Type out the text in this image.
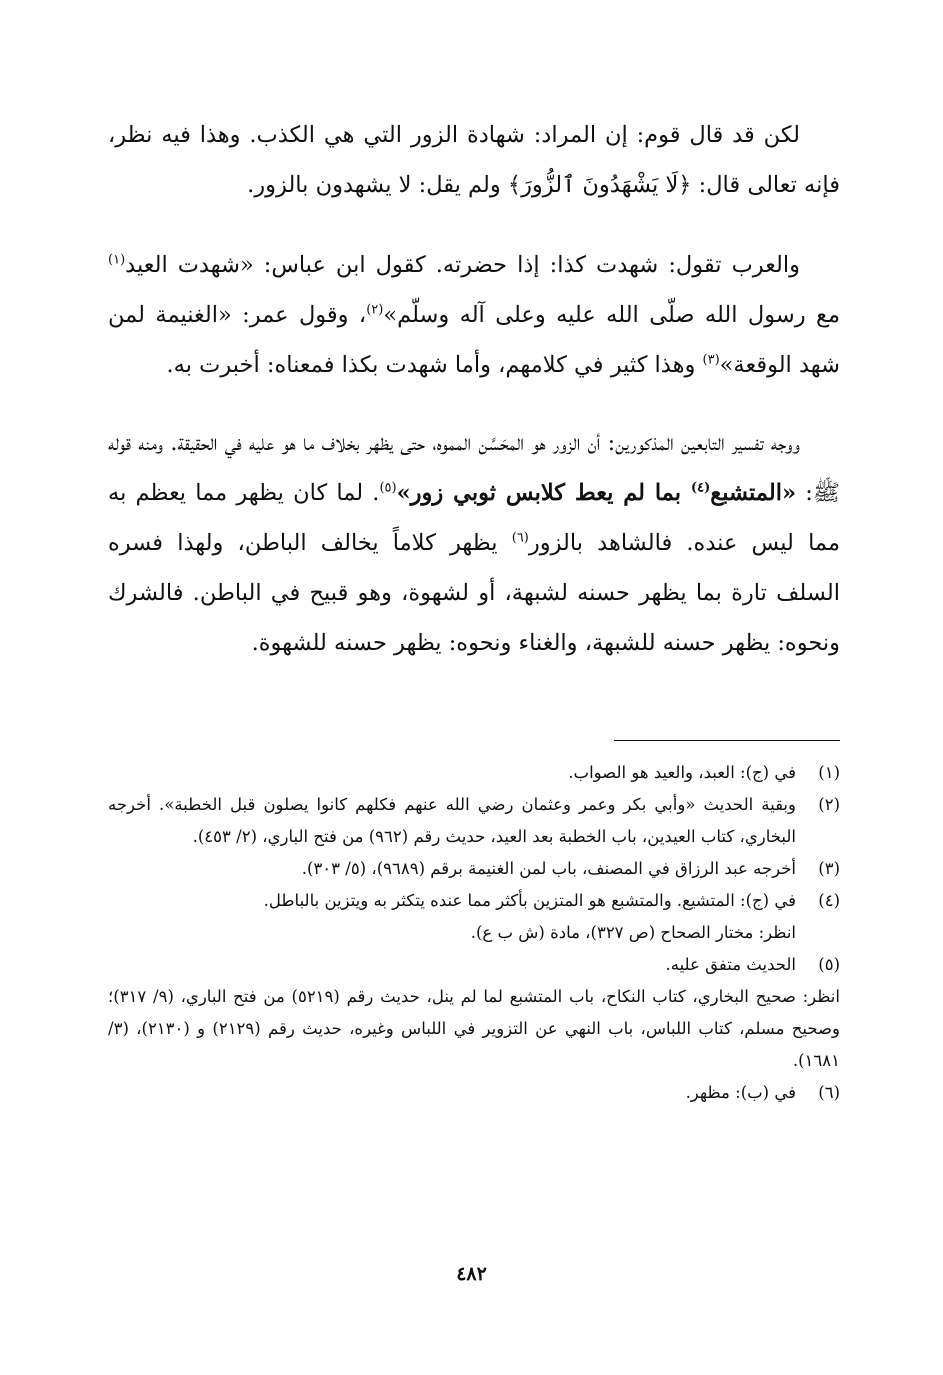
لكن قد قال قوم: إن المراد: شهادة الزور التي هي الكذب. وهذا فيه نظر، فإنه تعالى قال: ﴿لَا يَشْهَدُونَ ٱلزُّورَ﴾ ولم يقل: لا يشهدون بالزور.

والعرب تقول: شهدت كذا: إذا حضرته. كقول ابن عباس: «شهدت العيد$^{(١)}$ مع رسول الله صلّى الله عليه وعلى آله وسلّم»$^{(٢)}$، وقول عمر: «الغنيمة لمن شهد الوقعة»$^{(٣)}$ وهذا كثير في كلامهم، وأما شهدت بكذا فمعناه: أخبرت به.

ووجه تفسير التابعين المذكورين: أن الزور هو المحَسَّن المموه، حتى يظهر بخلاف ما هو عليه في الحقيقة. ومنه قوله ﷺ: «المتشبع$^{(٤)}$ بما لم يعط كلابس ثوبي زور»$^{(٥)}$. لما كان يظهر مما يعظم به مما ليس عنده. فالشاهد بالزور$^{(٦)}$ يظهر كلاماً يخالف الباطن، ولهذا فسره السلف تارة بما يظهر حسنه لشبهة، أو لشهوة، وهو قبيح في الباطن. فالشرك ونحوه: يظهر حسنه للشبهة، والغناء ونحوه: يظهر حسنه للشهوة.

(١)
في (ج): العبد، والعيد هو الصواب.
(٢)
وبقية الحديث «وأبي بكر وعمر وعثمان رضي الله عنهم فكلهم كانوا يصلون قبل الخطبة». أخرجه البخاري، كتاب العيدين، باب الخطبة بعد العيد، حديث رقم (٩٦٢) من فتح الباري، (٢/ ٤٥٣).
(٣)
أخرجه عبد الرزاق في المصنف، باب لمن الغنيمة برقم (٩٦٨٩)، (٥/ ٣٠٣).
(٤)
في (ج): المتشيع. والمتشبع هو المتزين بأكثر مما عنده يتكثر به ويتزين بالباطل.
انظر: مختار الصحاح (ص ٣٢٧)، مادة (ش ب ع).
(٥)
الحديث متفق عليه.
انظر: صحيح البخاري، كتاب النكاح، باب المتشبع لما لم ينل، حديث رقم (٥٢١٩) من فتح الباري، (٩/ ٣١٧)؛ وصحيح مسلم، كتاب اللباس، باب النهي عن التزوير في اللباس وغيره، حديث رقم (٢١٢٩) و (٢١٣٠)، (٣/ ١٦٨١).
(٦)
في (ب): مظهر.
٤٨٢
